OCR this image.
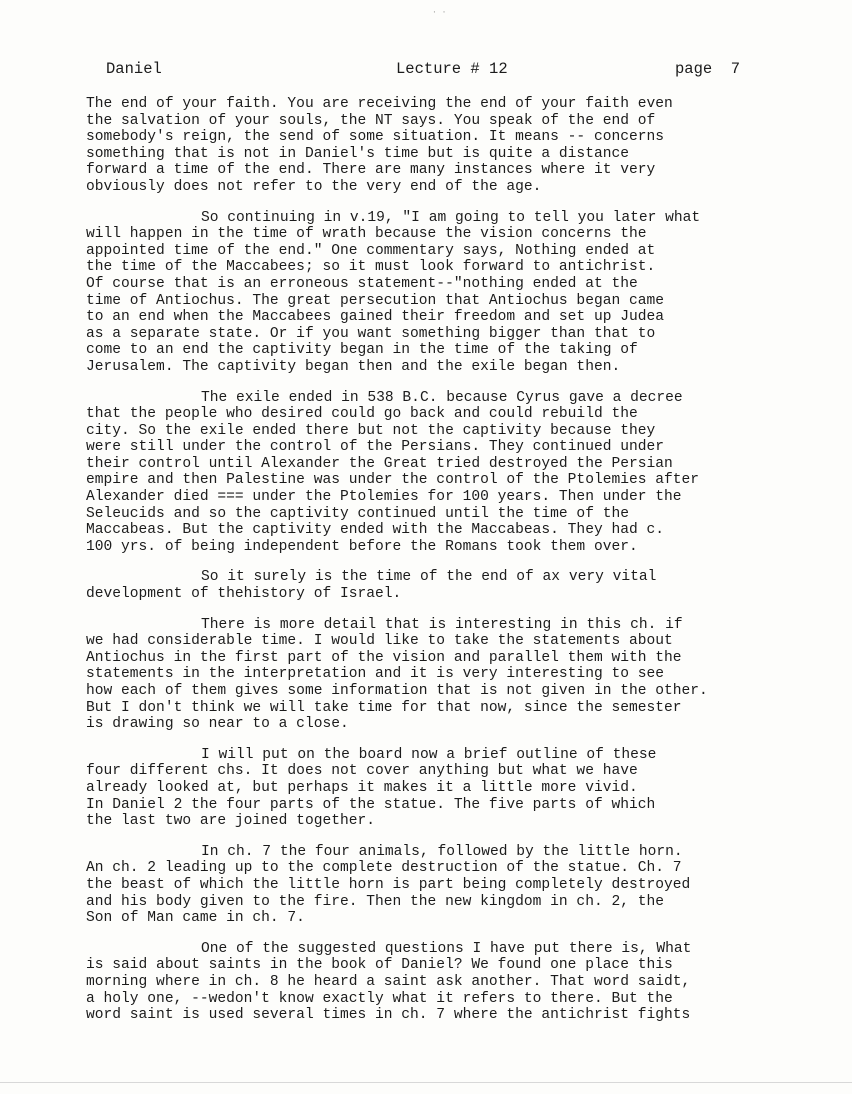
· ·
Daniel	Lecture # 12	page  7

The end of your faith. You are receiving the end of your faith even
the salvation of your souls, the NT says. You speak of the end of
somebody's reign, the send of some situation. It means -- concerns
something that is not in Daniel's time but is quite a distance
forward a time of the end. There are many instances where it very
obviously does not refer to the very end of the age.

So continuing in v.19, "I am going to tell you later what
will happen in the time of wrath because the vision concerns the
appointed time of the end." One commentary says, Nothing ended at
the time of the Maccabees; so it must look forward to antichrist.
Of course that is an erroneous statement--"nothing ended at the
time of Antiochus. The great persecution that Antiochus began came
to an end when the Maccabees gained their freedom and set up Judea
as a separate state. Or if you want something bigger than that to
come to an end the captivity began in the time of the taking of
Jerusalem. The captivity began then and the exile began then.

The exile ended in 538 B.C. because Cyrus gave a decree
that the people who desired could go back and could rebuild the
city. So the exile ended there but not the captivity because they
were still under the control of the Persians. They continued under
their control until Alexander the Great tried destroyed the Persian
empire and then Palestine was under the control of the Ptolemies after
Alexander died === under the Ptolemies for 100 years. Then under the
Seleucids and so the captivity continued until the time of the
Maccabeas. But the captivity ended with the Maccabeas. They had c.
100 yrs. of being independent before the Romans took them over.

So it surely is the time of the end of ax very vital
development of thehistory of Israel.

There is more detail that is interesting in this ch. if
we had considerable time. I would like to take the statements about
Antiochus in the first part of the vision and parallel them with the
statements in the interpretation and it is very interesting to see
how each of them gives some information that is not given in the other.
But I don't think we will take time for that now, since the semester
is drawing so near to a close.

I will put on the board now a brief outline of these
four different chs. It does not cover anything but what we have
already looked at, but perhaps it makes it a little more vivid.
In Daniel 2 the four parts of the statue. The five parts of which
the last two are joined together.

In ch. 7 the four animals, followed by the little horn.
An ch. 2 leading up to the complete destruction of the statue. Ch. 7
the beast of which the little horn is part being completely destroyed
and his body given to the fire. Then the new kingdom in ch. 2, the
Son of Man came in ch. 7.

One of the suggested questions I have put there is, What
is said about saints in the book of Daniel? We found one place this
morning where in ch. 8 he heard a saint ask another. That word saidt,
a holy one, --wedon't know exactly what it refers to there. But the
word saint is used several times in ch. 7 where the antichrist fights
